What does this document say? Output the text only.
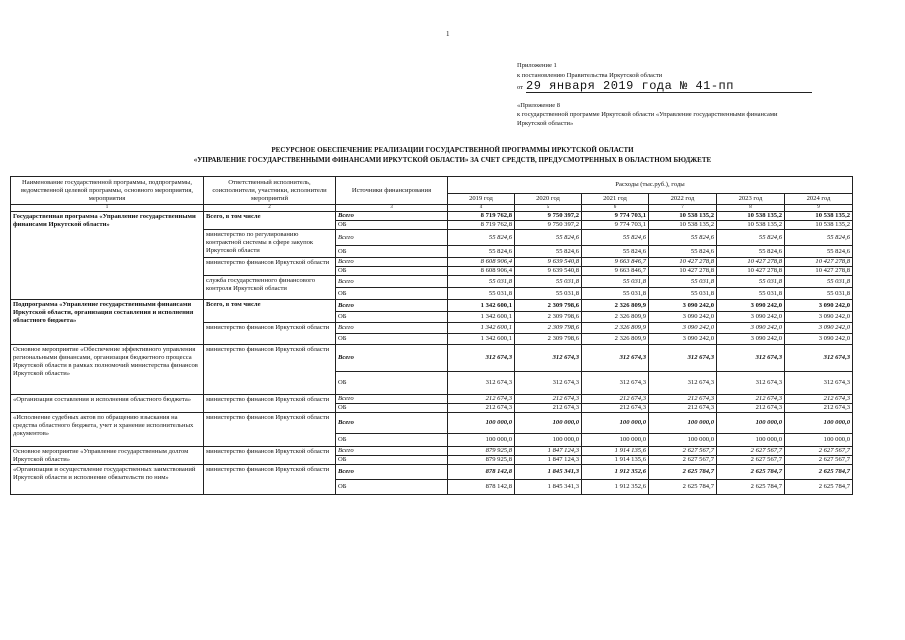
1
Приложение 1
к постановлению Правительства Иркутской области
от 29 января 2019 года № 41-пп
«Приложение 8
к государственной программе Иркутской области «Управление государственными финансами
Иркутской области»
РЕСУРСНОЕ ОБЕСПЕЧЕНИЕ РЕАЛИЗАЦИИ ГОСУДАРСТВЕННОЙ ПРОГРАММЫ ИРКУТСКОЙ ОБЛАСТИ
«УПРАВЛЕНИЕ ГОСУДАРСТВЕННЫМИ ФИНАНСАМИ ИРКУТСКОЙ ОБЛАСТИ» ЗА СЧЕТ СРЕДСТВ, ПРЕДУСМОТРЕННЫХ В ОБЛАСТНОМ БЮДЖЕТЕ
Наименование государственной программы, подпрограммы, ведомственной целевой программы, основного мероприятия, мероприятия	Ответственный исполнитель, соисполнители, участники, исполнители мероприятий	Источники финансирования	Расходы (тыс.руб.), годы					
			2019 год	2020 год	2021 год	2022 год	2023 год	2024 год
1	2	3	4	5	6	7	8	9
Государственная программа «Управление государственными финансами Иркутской области»	Всего, в том числе	Всего	8 719 762,8	9 750 397,2	9 774 703,1	10 538 135,2	10 538 135,2	10 538 135,2
		ОБ	8 719 762,8	9 750 397,2	9 774 703,1	10 538 135,2	10 538 135,2	10 538 135,2
	министерство по регулированию контрактной системы в сфере закупок Иркутской области	Всего	55 824,6	55 824,6	55 824,6	55 824,6	55 824,6	55 824,6
		ОБ	55 824,6	55 824,6	55 824,6	55 824,6	55 824,6	55 824,6
	министерство финансов Иркутской области	Всего	8 608 906,4	9 639 540,8	9 663 846,7	10 427 278,8	10 427 278,8	10 427 278,8
		ОБ	8 608 906,4	9 639 540,8	9 663 846,7	10 427 278,8	10 427 278,8	10 427 278,8
	служба государственного финансового контроля Иркутской области	Всего	55 031,8	55 031,8	55 031,8	55 031,8	55 031,8	55 031,8
		ОБ	55 031,8	55 031,8	55 031,8	55 031,8	55 031,8	55 031,8
Подпрограмма «Управление государственными финансами Иркутской области, организация составления и исполнения областного бюджета»	Всего, в том числе	Всего	1 342 600,1	2 309 798,6	2 326 809,9	3 090 242,0	3 090 242,0	3 090 242,0
		ОБ	1 342 600,1	2 309 798,6	2 326 809,9	3 090 242,0	3 090 242,0	3 090 242,0
	министерство финансов Иркутской области	Всего	1 342 600,1	2 309 798,6	2 326 809,9	3 090 242,0	3 090 242,0	3 090 242,0
		ОБ	1 342 600,1	2 309 798,6	2 326 809,9	3 090 242,0	3 090 242,0	3 090 242,0
Основное мероприятие «Обеспечение эффективного управления региональными финансами, организация бюджетного процесса Иркутской области в рамках полномочий министерства финансов Иркутской области»	министерство финансов Иркутской области	Всего	312 674,3	312 674,3	312 674,3	312 674,3	312 674,3	312 674,3
		ОБ	312 674,3	312 674,3	312 674,3	312 674,3	312 674,3	312 674,3
«Организация составления и исполнения областного бюджета»	министерство финансов Иркутской области	Всего	212 674,3	212 674,3	212 674,3	212 674,3	212 674,3	212 674,3
		ОБ	212 674,3	212 674,3	212 674,3	212 674,3	212 674,3	212 674,3
«Исполнение судебных актов по обращению взыскания на средства областного бюджета, учет и хранение исполнительных документов»	министерство финансов Иркутской области	Всего	100 000,0	100 000,0	100 000,0	100 000,0	100 000,0	100 000,0
		ОБ	100 000,0	100 000,0	100 000,0	100 000,0	100 000,0	100 000,0
Основное мероприятие «Управление государственным долгом Иркутской области»	министерство финансов Иркутской области	Всего	879 925,8	1 847 124,3	1 914 135,6	2 627 567,7	2 627 567,7	2 627 567,7
		ОБ	879 925,8	1 847 124,3	1 914 135,6	2 627 567,7	2 627 567,7	2 627 567,7
«Организация и осуществление государственных заимствований Иркутской области и исполнение обязательств по ним»	министерство финансов Иркутской области	Всего	878 142,8	1 845 341,3	1 912 352,6	2 625 784,7	2 625 784,7	2 625 784,7
		ОБ	878 142,8	1 845 341,3	1 912 352,6	2 625 784,7	2 625 784,7	2 625 784,7
